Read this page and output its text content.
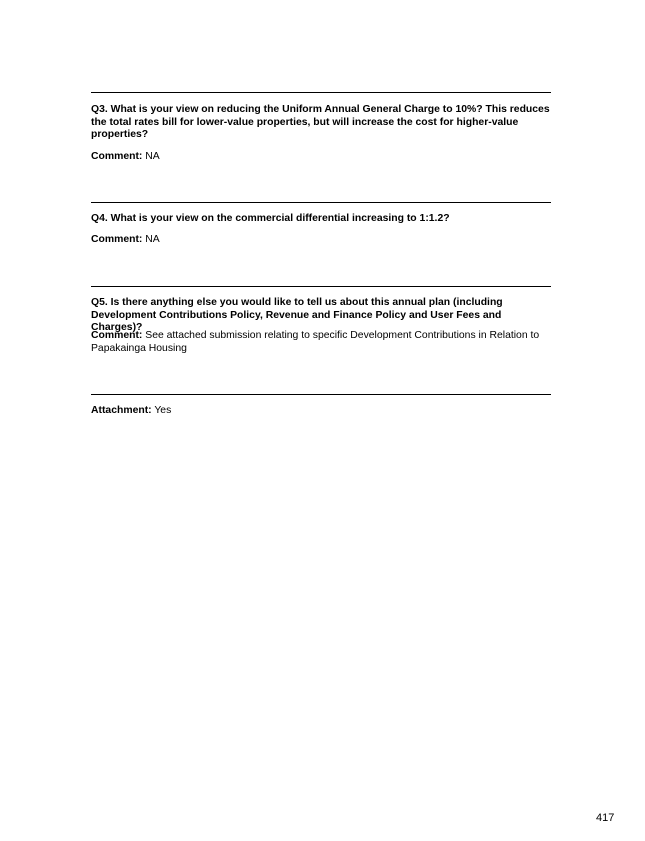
Q3. What is your view on reducing the Uniform Annual General Charge to 10%? This reduces the total rates bill for lower-value properties, but will increase the cost for higher-value properties?
Comment: NA
Q4. What is your view on the commercial differential increasing to 1:1.2?
Comment: NA
Q5. Is there anything else you would like to tell us about this annual plan (including Development Contributions Policy, Revenue and Finance Policy and User Fees and Charges)?
Comment: See attached submission relating to specific Development Contributions in Relation to Papakainga Housing
Attachment: Yes
417
